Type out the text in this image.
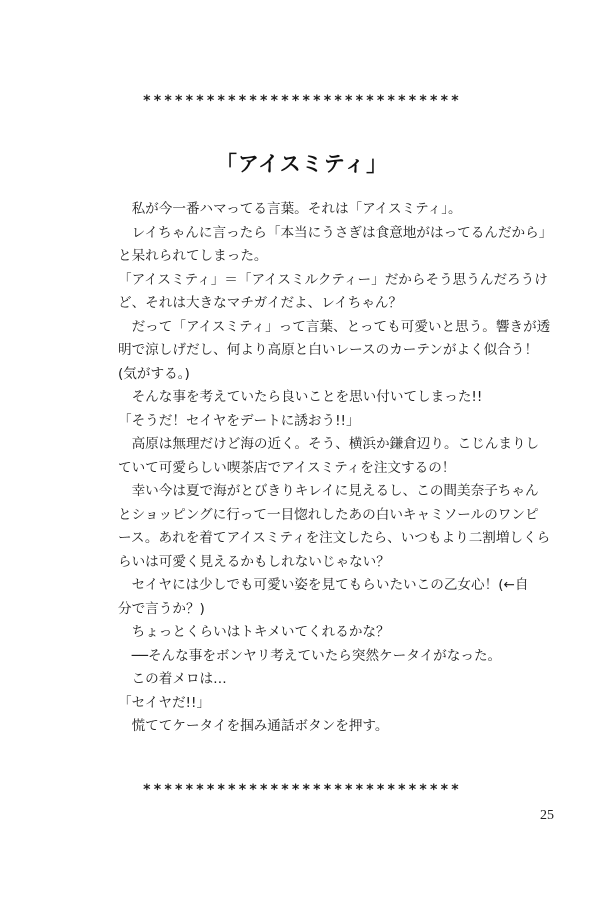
******************************
「アイスミティ」
　私が今一番ハマってる言葉。それは「アイスミティ」。
　レイちゃんに言ったら「本当にうさぎは食意地がはってるんだから」
と呆れられてしまった。
「アイスミティ」＝「アイスミルクティー」だからそう思うんだろうけ
ど、それは大きなマチガイだよ、レイちゃん？
　だって「アイスミティ」って言葉、とっても可愛いと思う。響きが透
明で涼しげだし、何より高原と白いレースのカーテンがよく似合う！
(気がする。)
　そんな事を考えていたら良いことを思い付いてしまった!!
「そうだ！セイヤをデートに誘おう!!」
　高原は無理だけど海の近く。そう、横浜か鎌倉辺り。こじんまりし
ていて可愛らしい喫茶店でアイスミティを注文するの！
　幸い今は夏で海がとびきりキレイに見えるし、この間美奈子ちゃん
とショッピングに行って一目惚れしたあの白いキャミソールのワンピ
ース。あれを着てアイスミティを注文したら、いつもより二割増しくら
らいは可愛く見えるかもしれないじゃない？
　セイヤには少しでも可愛い姿を見てもらいたいこの乙女心！(←自
分で言うか？)
　ちょっとくらいはトキメいてくれるかな？
　──そんな事をボンヤリ考えていたら突然ケータイがなった。
　この着メロは…
「セイヤだ!!」
　慌ててケータイを掴み通話ボタンを押す。
******************************
25
